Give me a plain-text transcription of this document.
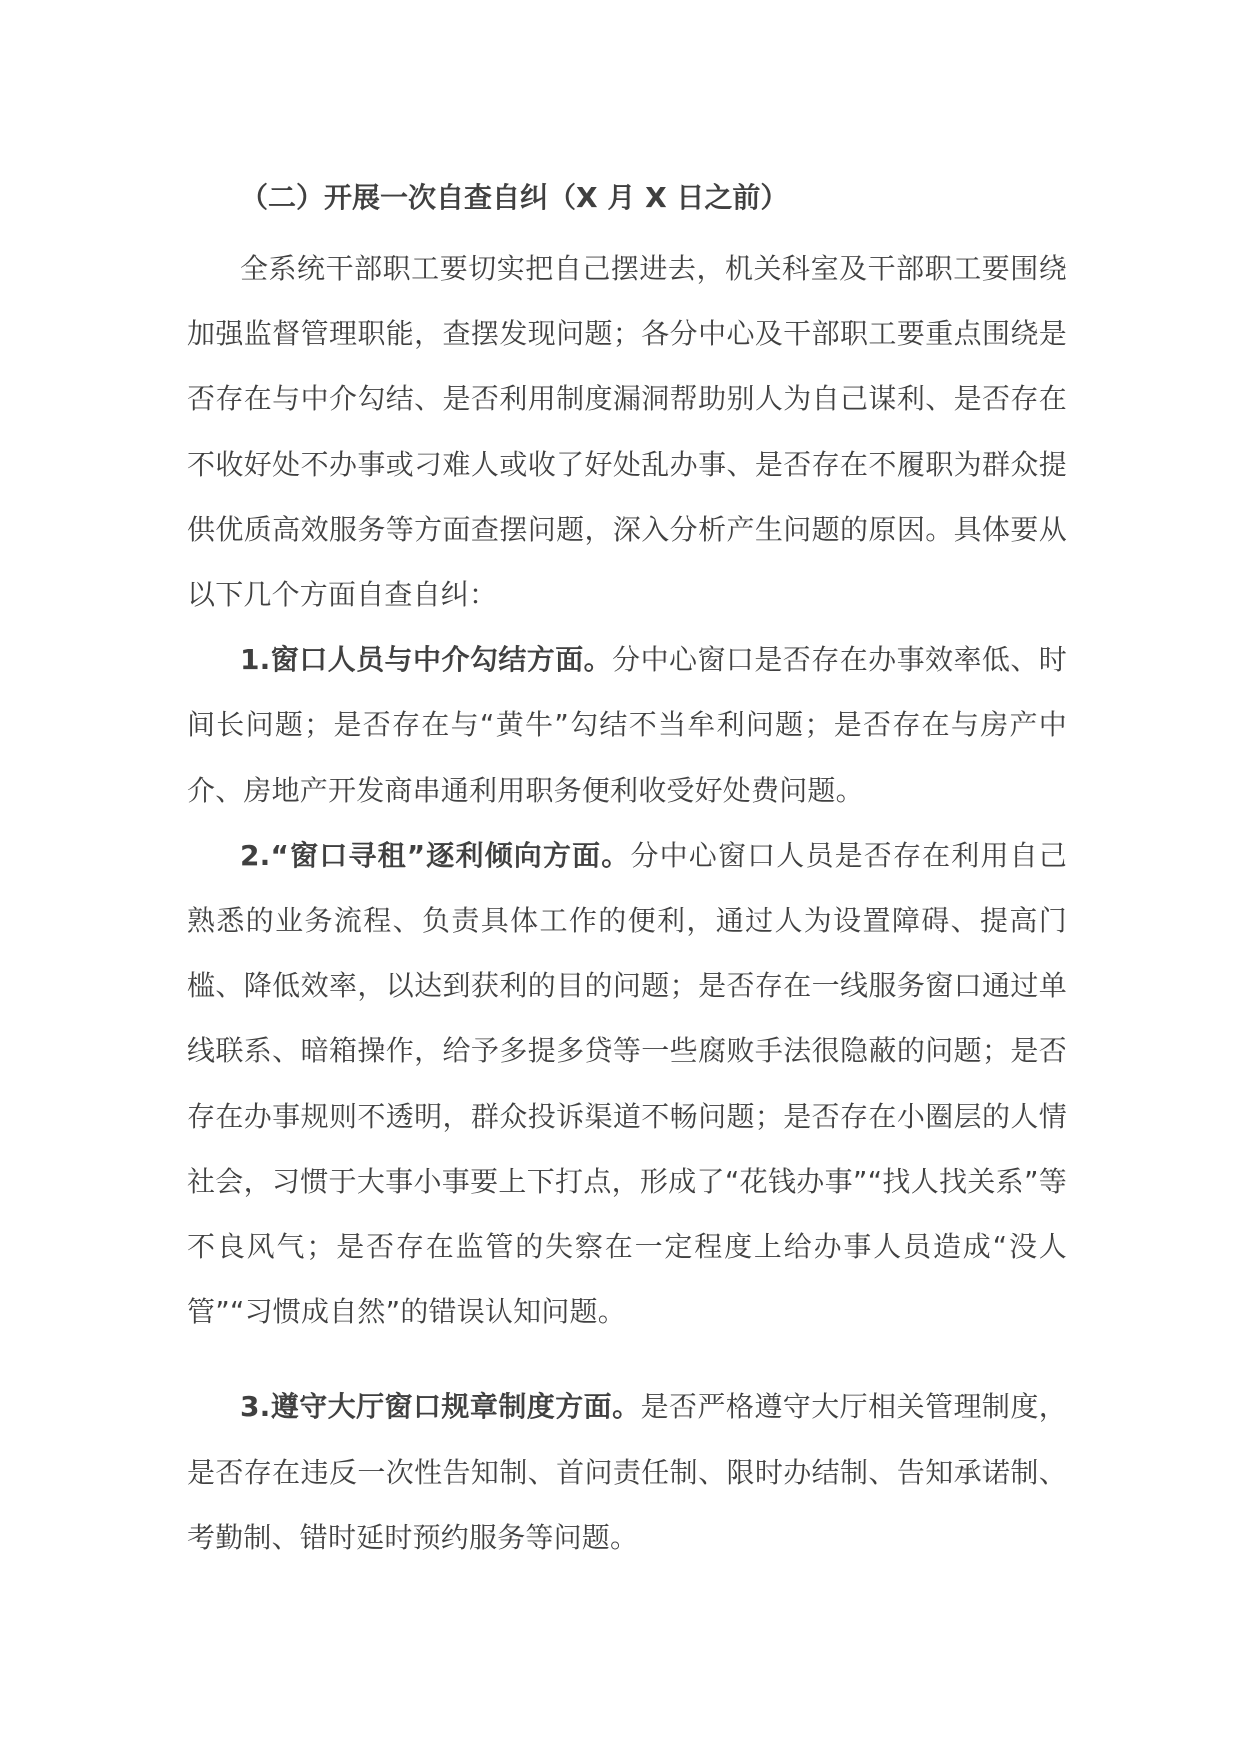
（二）开展一次自查自纠（X 月 X 日之前）

全系统干部职工要切实把自己摆进去，机关科室及干部职工要围绕加强监督管理职能，查摆发现问题；各分中心及干部职工要重点围绕是否存在与中介勾结、是否利用制度漏洞帮助别人为自己谋利、是否存在不收好处不办事或刁难人或收了好处乱办事、是否存在不履职为群众提供优质高效服务等方面查摆问题，深入分析产生问题的原因。具体要从以下几个方面自查自纠：

1.窗口人员与中介勾结方面。分中心窗口是否存在办事效率低、时间长问题；是否存在与“黄牛”勾结不当牟利问题；是否存在与房产中介、房地产开发商串通利用职务便利收受好处费问题。

2.“窗口寻租”逐利倾向方面。分中心窗口人员是否存在利用自己熟悉的业务流程、负责具体工作的便利，通过人为设置障碍、提高门槛、降低效率，以达到获利的目的问题；是否存在一线服务窗口通过单线联系、暗箱操作，给予多提多贷等一些腐败手法很隐蔽的问题；是否存在办事规则不透明，群众投诉渠道不畅问题；是否存在小圈层的人情社会，习惯于大事小事要上下打点，形成了“花钱办事”“找人找关系”等不良风气；是否存在监管的失察在一定程度上给办事人员造成“没人管”“习惯成自然”的错误认知问题。

3.遵守大厅窗口规章制度方面。是否严格遵守大厅相关管理制度，是否存在违反一次性告知制、首问责任制、限时办结制、告知承诺制、考勤制、错时延时预约服务等问题。
